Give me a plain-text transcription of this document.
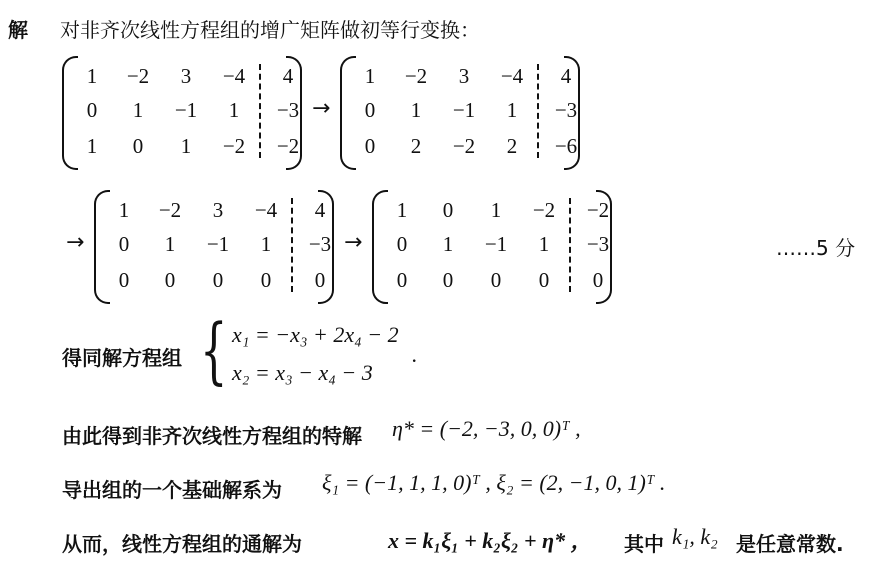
解 对非齐次线性方程组的增广矩阵做初等行变换：
1	−2	3	−4	4
0	1	−1	1	−3
1	0	1	−2	−2
→
1	−2	3	−4	4
0	1	−1	1	−3
0	2	−2	2	−6
→
1	−2	3	−4	4
0	1	−1	1	−3
0	0	0	0	0
→
1	0	1	−2	−2
0	1	−1	1	−3
0	0	0	0	0
……5 分
得同解方程组 { x₁ = −x₃ + 2x₄ − 2
x₂ = x₃ − x₄ − 3
.
由此得到非齐次线性方程组的特解 η* = (−2, −3, 0, 0)ᵀ ,
导出组的一个基础解系为 ξ₁ = (−1, 1, 1, 0)ᵀ , ξ₂ = (2, −1, 0, 1)ᵀ .
从而，线性方程组的通解为	x = k₁ξ₁ + k₂ξ₂ + η* ， 其中 k₁, k₂ 是任意常数.
